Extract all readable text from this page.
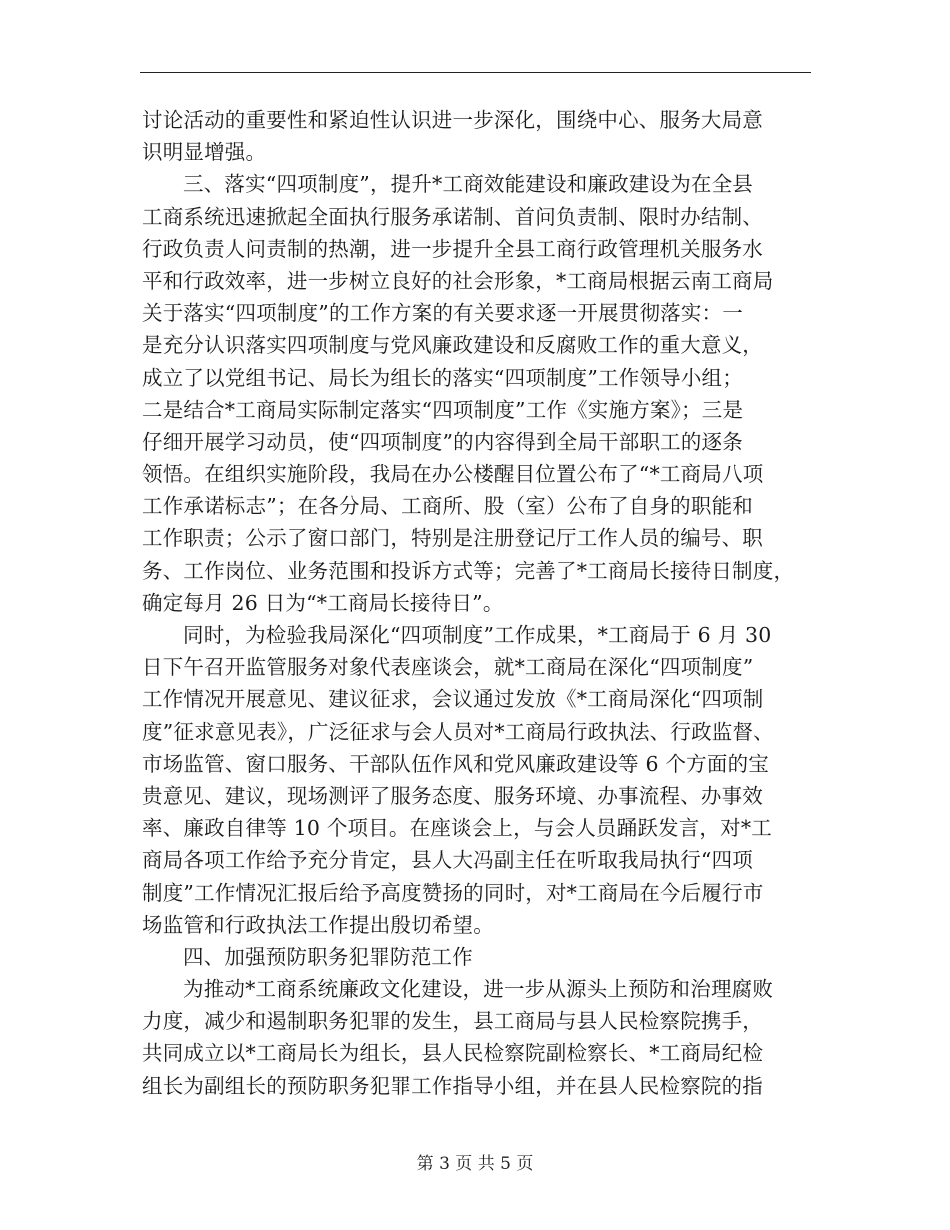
讨论活动的重要性和紧迫性认识进一步深化，围绕中心、服务大局意
识明显增强。
三、落实“四项制度”，提升*工商效能建设和廉政建设为在全县
工商系统迅速掀起全面执行服务承诺制、首问负责制、限时办结制、
行政负责人问责制的热潮，进一步提升全县工商行政管理机关服务水
平和行政效率，进一步树立良好的社会形象，*工商局根据云南工商局
关于落实“四项制度”的工作方案的有关要求逐一开展贯彻落实：一
是充分认识落实四项制度与党风廉政建设和反腐败工作的重大意义，
成立了以党组书记、局长为组长的落实“四项制度”工作领导小组；
二是结合*工商局实际制定落实“四项制度”工作《实施方案》；三是
仔细开展学习动员，使“四项制度”的内容得到全局干部职工的逐条
领悟。在组织实施阶段，我局在办公楼醒目位置公布了“*工商局八项
工作承诺标志”；在各分局、工商所、股（室）公布了自身的职能和
工作职责；公示了窗口部门，特别是注册登记厅工作人员的编号、职
务、工作岗位、业务范围和投诉方式等；完善了*工商局长接待日制度，
确定每月 26 日为“*工商局长接待日”。
同时，为检验我局深化“四项制度”工作成果，*工商局于 6 月 30
日下午召开监管服务对象代表座谈会，就*工商局在深化“四项制度”
工作情况开展意见、建议征求，会议通过发放《*工商局深化“四项制
度”征求意见表》，广泛征求与会人员对*工商局行政执法、行政监督、
市场监管、窗口服务、干部队伍作风和党风廉政建设等 6 个方面的宝
贵意见、建议，现场测评了服务态度、服务环境、办事流程、办事效
率、廉政自律等 10 个项目。在座谈会上，与会人员踊跃发言，对*工
商局各项工作给予充分肯定，县人大冯副主任在听取我局执行“四项
制度”工作情况汇报后给予高度赞扬的同时，对*工商局在今后履行市
场监管和行政执法工作提出殷切希望。
四、加强预防职务犯罪防范工作
为推动*工商系统廉政文化建设，进一步从源头上预防和治理腐败
力度，减少和遏制职务犯罪的发生，县工商局与县人民检察院携手，
共同成立以*工商局长为组长，县人民检察院副检察长、*工商局纪检
组长为副组长的预防职务犯罪工作指导小组，并在县人民检察院的指
第 3 页 共 5 页
